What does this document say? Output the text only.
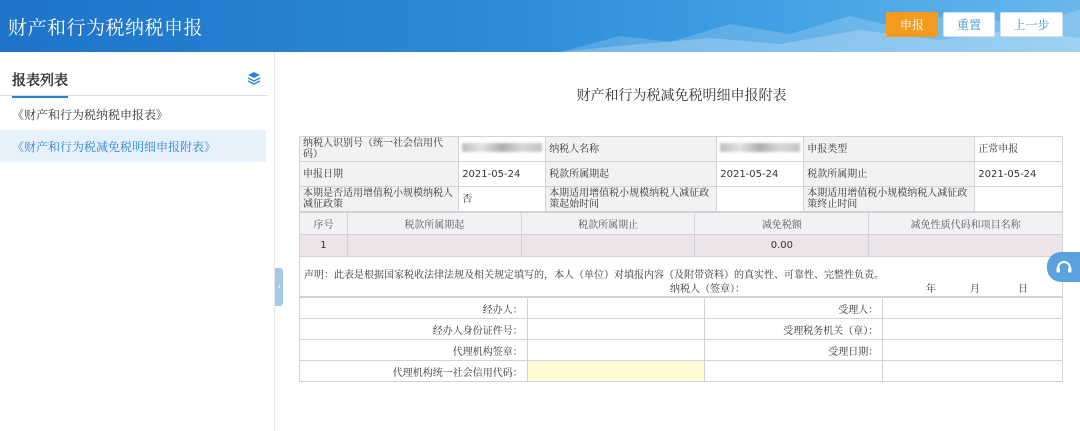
财产和行为税纳税申报	申报	重置	上一步
报表列表
《财产和行为税纳税申报表》
《财产和行为税减免税明细申报附表》
‹
财产和行为税减免税明细申报附表
纳税人识别号（统一社会信用代码）		纳税人名称		申报类型	正常申报
申报日期	2021-05-24	税款所属期起	2021-05-24	税款所属期止	2021-05-24
本期是否适用增值税小规模纳税人减征政策	否	本期适用增值税小规模纳税人减征政策起始时间		本期适用增值税小规模纳税人减征政策终止时间	
序号	税款所属期起	税款所属期止	减免税额	减免性质代码和项目名称
1			0.00	
声明：此表是根据国家税收法律法规及相关规定填写的，本人（单位）对填报内容（及附带资料）的真实性、可靠性、完整性负责。
纳税人（签章）：	年	月	日
经办人：		受理人：	
经办人身份证件号：		受理税务机关（章）：	
代理机构签章：		受理日期：	
代理机构统一社会信用代码：			
